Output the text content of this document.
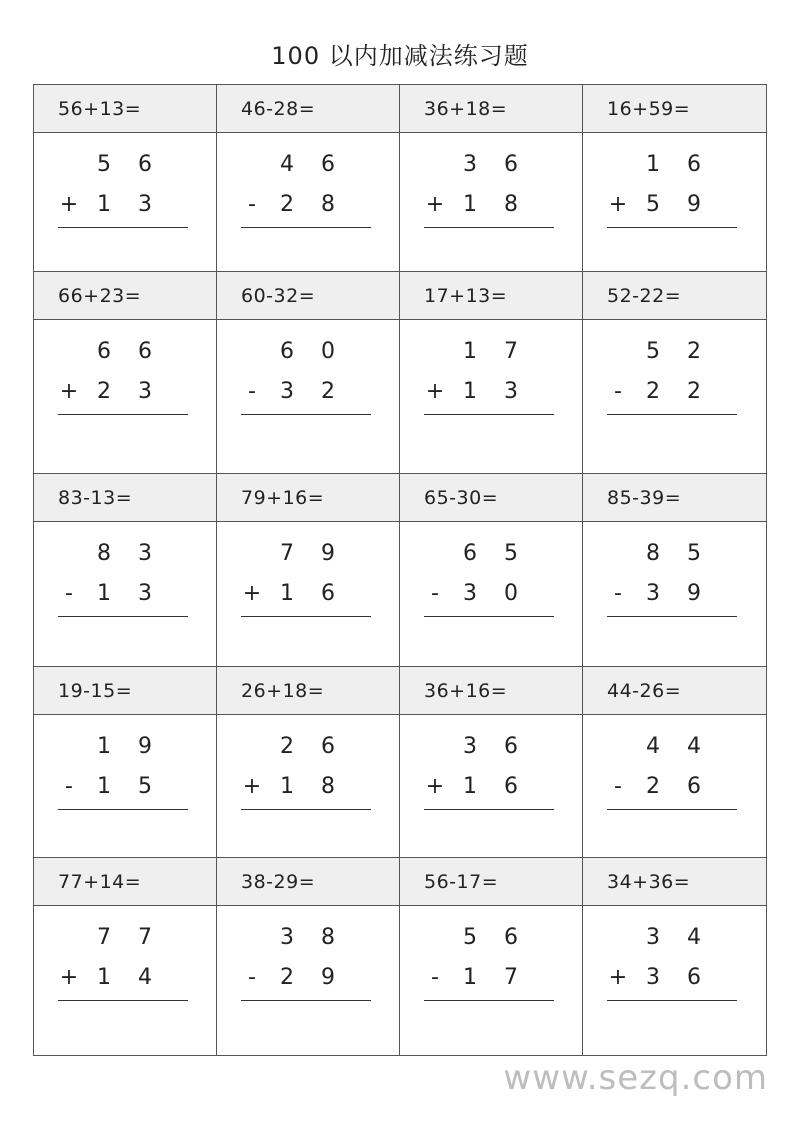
100 以内加减法练习题
56+13=
5 6
+ 1 3
46-28=
4 6
-	2 8
36+18=
3 6
+ 1 8
16+59=
1 6
+ 5 9
66+23=
6 6
+ 2 3
60-32=
6 0
-	3 2
17+13=
1 7
+ 1 3
52-22=
5 2
-	2 2
83-13=
8 3
-	1 3
79+16=
7 9
+ 1 6
65-30=
6 5
-	3 0
85-39=
8 5
-	3 9
19-15=
1 9
-	1 5
26+18=
2 6
+ 1 8
36+16=
3 6
+ 1 6
44-26=
4 4
-	2 6
77+14=
7 7
+ 1 4
38-29=
3 8
-	2 9
56-17=
5 6
-	1 7
34+36=
3 4
+ 3 6
www.sezq.com
